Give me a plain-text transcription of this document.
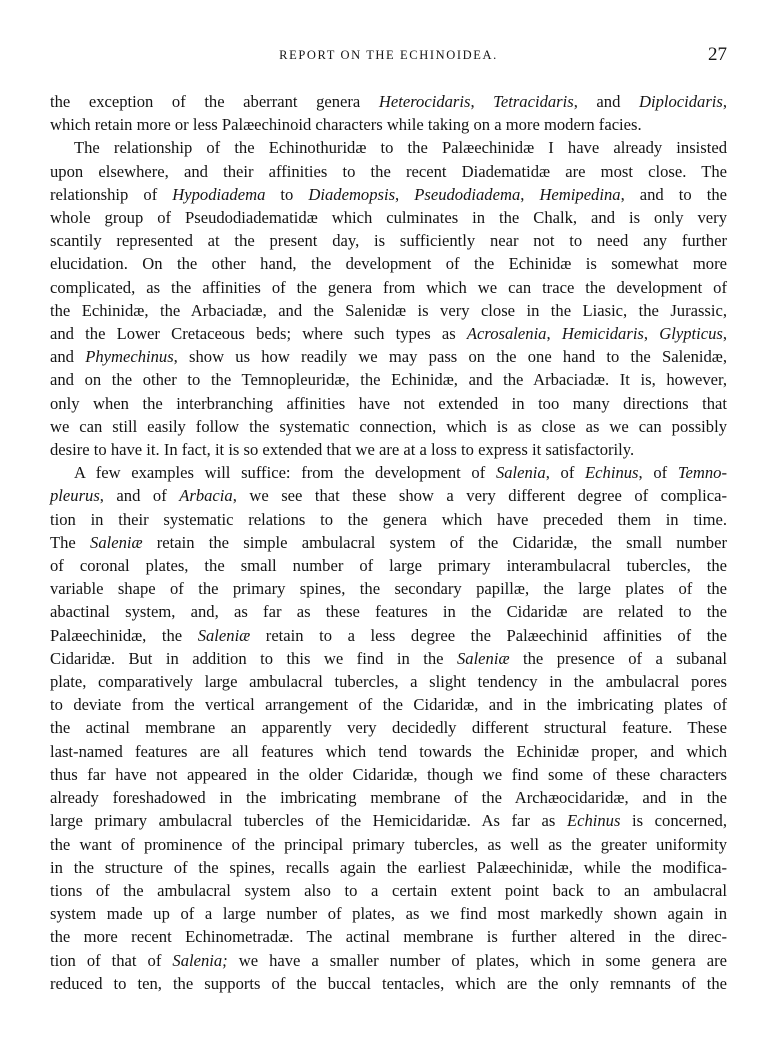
REPORT ON THE ECHINOIDEA.	27
the exception of the aberrant genera Heterocidaris, Tetracidaris, and Diplocidaris,
which retain more or less Palæechinoid characters while taking on a more modern facies.
The relationship of the Echinothuridæ to the Palæechinidæ I have already insisted
upon elsewhere, and their affinities to the recent Diadematidæ are most close. The
relationship of Hypodiadema to Diademopsis, Pseudodiadema, Hemipedina, and to the
whole group of Pseudodiadematidæ which culminates in the Chalk, and is only very
scantily represented at the present day, is sufficiently near not to need any further
elucidation. On the other hand, the development of the Echinidæ is somewhat more
complicated, as the affinities of the genera from which we can trace the development of
the Echinidæ, the Arbaciadæ, and the Salenidæ is very close in the Liasic, the Jurassic,
and the Lower Cretaceous beds; where such types as Acrosalenia, Hemicidaris, Glypticus,
and Phymechinus, show us how readily we may pass on the one hand to the Salenidæ,
and on the other to the Temnopleuridæ, the Echinidæ, and the Arbaciadæ. It is, however,
only when the interbranching affinities have not extended in too many directions that
we can still easily follow the systematic connection, which is as close as we can possibly
desire to have it. In fact, it is so extended that we are at a loss to express it satisfactorily.
A few examples will suffice: from the development of Salenia, of Echinus, of Temno-
pleurus, and of Arbacia, we see that these show a very different degree of complica-
tion in their systematic relations to the genera which have preceded them in time.
The Saleniæ retain the simple ambulacral system of the Cidaridæ, the small number
of coronal plates, the small number of large primary interambulacral tubercles, the
variable shape of the primary spines, the secondary papillæ, the large plates of the
abactinal system, and, as far as these features in the Cidaridæ are related to the
Palæechinidæ, the Saleniæ retain to a less degree the Palæechinid affinities of the
Cidaridæ. But in addition to this we find in the Saleniæ the presence of a subanal
plate, comparatively large ambulacral tubercles, a slight tendency in the ambulacral pores
to deviate from the vertical arrangement of the Cidaridæ, and in the imbricating plates of
the actinal membrane an apparently very decidedly different structural feature. These
last-named features are all features which tend towards the Echinidæ proper, and which
thus far have not appeared in the older Cidaridæ, though we find some of these characters
already foreshadowed in the imbricating membrane of the Archæocidaridæ, and in the
large primary ambulacral tubercles of the Hemicidaridæ. As far as Echinus is concerned,
the want of prominence of the principal primary tubercles, as well as the greater uniformity
in the structure of the spines, recalls again the earliest Palæechinidæ, while the modifica-
tions of the ambulacral system also to a certain extent point back to an ambulacral
system made up of a large number of plates, as we find most markedly shown again in
the more recent Echinometradæ. The actinal membrane is further altered in the direc-
tion of that of Salenia; we have a smaller number of plates, which in some genera are
reduced to ten, the supports of the buccal tentacles, which are the only remnants of the
